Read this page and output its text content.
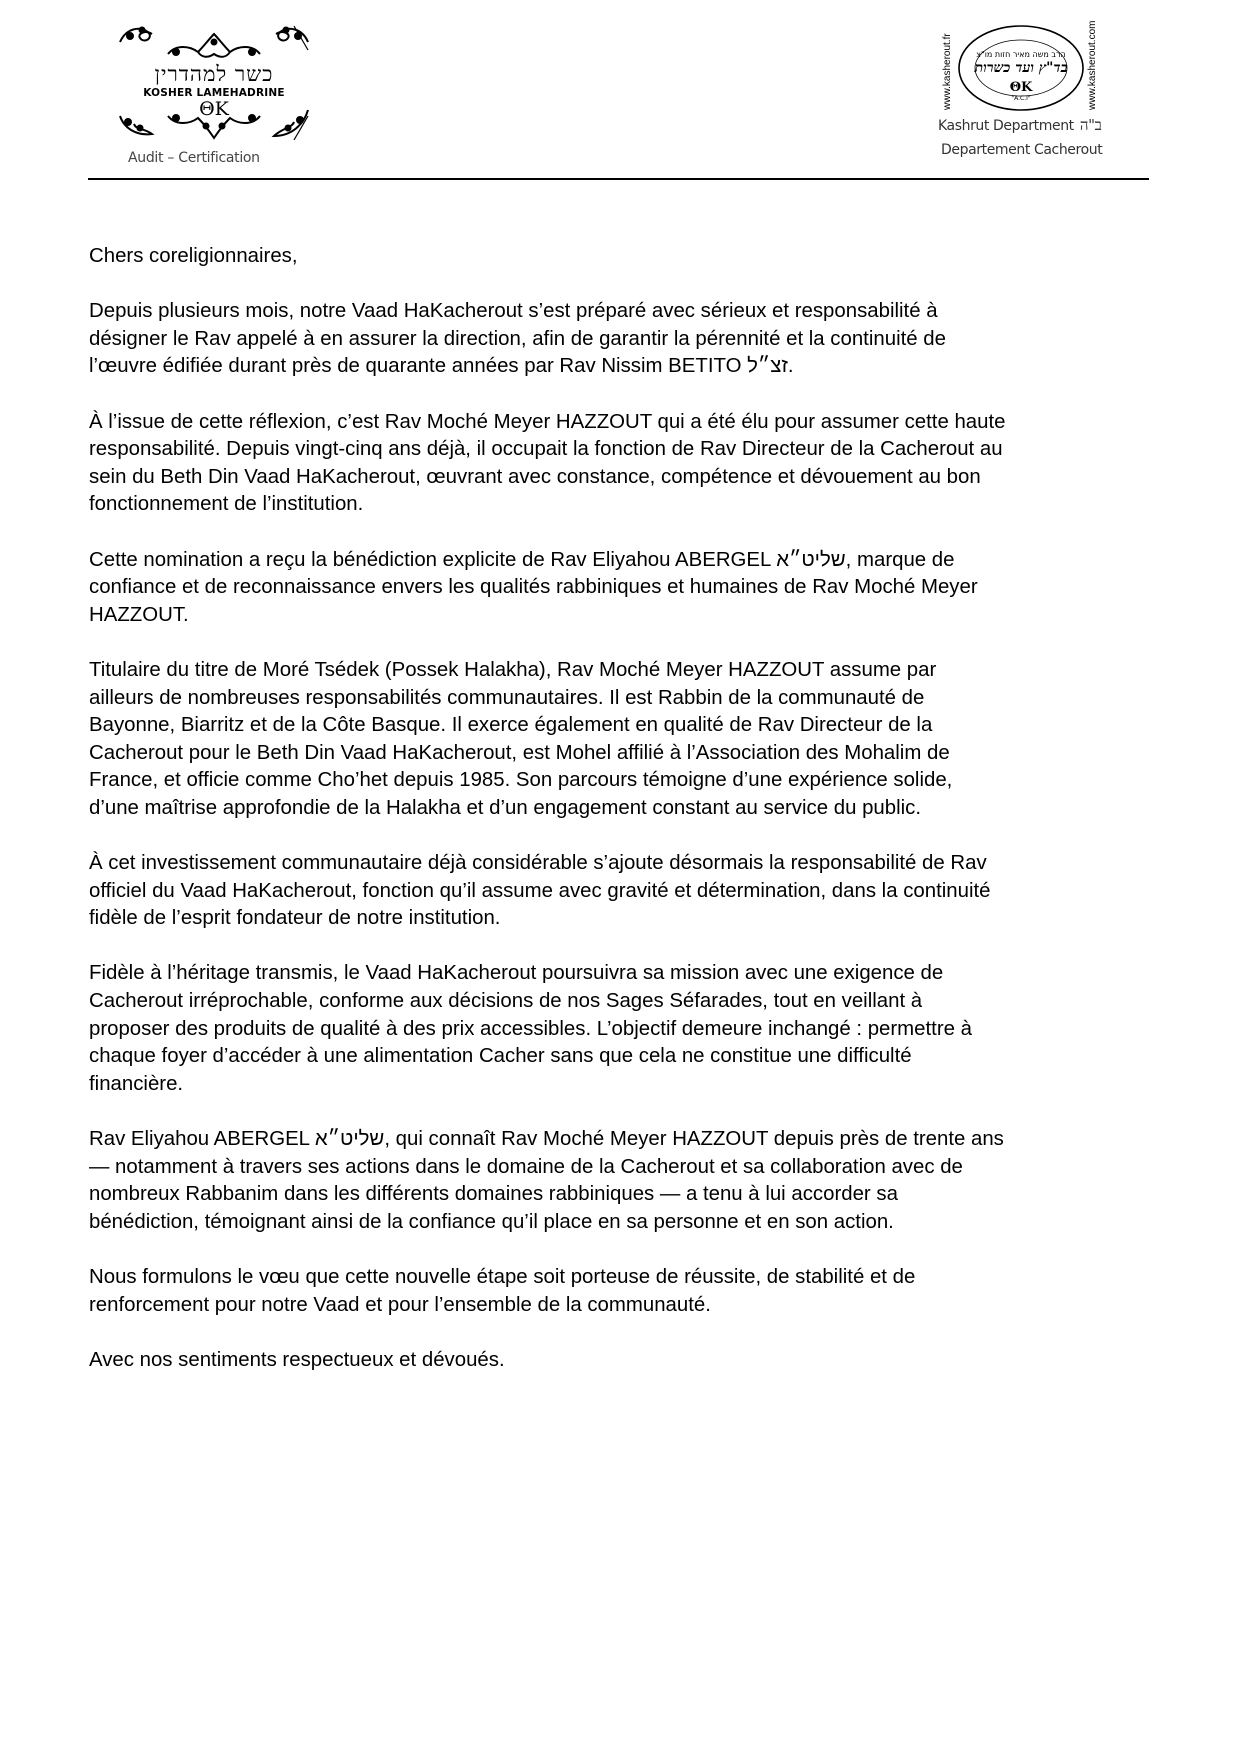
כשר למהדרין
KOSHER LAMEHADRINE
ΘK
Audit – Certification
www.kasherout.fr	הרב משה מאיר חזות מו"צ
בד"ץ ועד כשרות
ΘK
"A.C.I"	www.kasherout.com
Kashrut Department ב"ה
Departement Cacherout

Chers coreligionnaires,

Depuis plusieurs mois, notre Vaad HaKacherout s’est préparé avec sérieux et responsabilité à
désigner le Rav appelé à en assurer la direction, afin de garantir la pérennité et la continuité de
l’œuvre édifiée durant près de quarante années par Rav Nissim BETITO זצ״ל.

À l’issue de cette réflexion, c’est Rav Moché Meyer HAZZOUT qui a été élu pour assumer cette haute
responsabilité. Depuis vingt-cinq ans déjà, il occupait la fonction de Rav Directeur de la Cacherout au
sein du Beth Din Vaad HaKacherout, œuvrant avec constance, compétence et dévouement au bon
fonctionnement de l’institution.

Cette nomination a reçu la bénédiction explicite de Rav Eliyahou ABERGEL שליט״א, marque de
confiance et de reconnaissance envers les qualités rabbiniques et humaines de Rav Moché Meyer
HAZZOUT.

Titulaire du titre de Moré Tsédek (Possek Halakha), Rav Moché Meyer HAZZOUT assume par
ailleurs de nombreuses responsabilités communautaires. Il est Rabbin de la communauté de
Bayonne, Biarritz et de la Côte Basque. Il exerce également en qualité de Rav Directeur de la
Cacherout pour le Beth Din Vaad HaKacherout, est Mohel affilié à l’Association des Mohalim de
France, et officie comme Cho’het depuis 1985. Son parcours témoigne d’une expérience solide,
d’une maîtrise approfondie de la Halakha et d’un engagement constant au service du public.

À cet investissement communautaire déjà considérable s’ajoute désormais la responsabilité de Rav
officiel du Vaad HaKacherout, fonction qu’il assume avec gravité et détermination, dans la continuité
fidèle de l’esprit fondateur de notre institution.

Fidèle à l’héritage transmis, le Vaad HaKacherout poursuivra sa mission avec une exigence de
Cacherout irréprochable, conforme aux décisions de nos Sages Séfarades, tout en veillant à
proposer des produits de qualité à des prix accessibles. L’objectif demeure inchangé : permettre à
chaque foyer d’accéder à une alimentation Cacher sans que cela ne constitue une difficulté
financière.

Rav Eliyahou ABERGEL שליט״א, qui connaît Rav Moché Meyer HAZZOUT depuis près de trente ans
— notamment à travers ses actions dans le domaine de la Cacherout et sa collaboration avec de
nombreux Rabbanim dans les différents domaines rabbiniques — a tenu à lui accorder sa
bénédiction, témoignant ainsi de la confiance qu’il place en sa personne et en son action.

Nous formulons le vœu que cette nouvelle étape soit porteuse de réussite, de stabilité et de
renforcement pour notre Vaad et pour l’ensemble de la communauté.

Avec nos sentiments respectueux et dévoués.
